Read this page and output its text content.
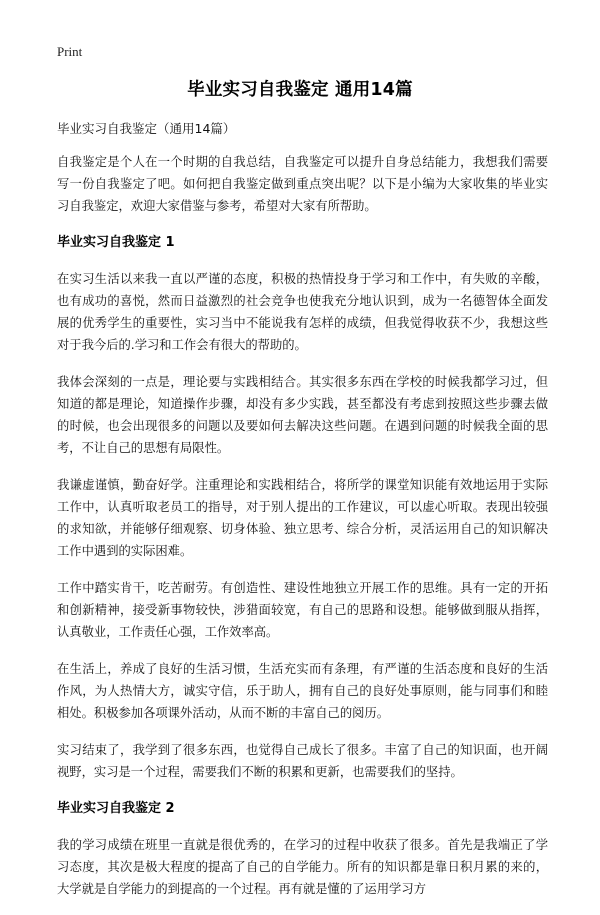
Print
毕业实习自我鉴定 通用14篇

毕业实习自我鉴定（通用14篇）

自我鉴定是个人在一个时期的自我总结，自我鉴定可以提升自身总结能力，我想我们需要写一份自我鉴定了吧。如何把自我鉴定做到重点突出呢？以下是小编为大家收集的毕业实习自我鉴定，欢迎大家借鉴与参考，希望对大家有所帮助。

毕业实习自我鉴定 1

在实习生活以来我一直以严谨的态度，积极的热情投身于学习和工作中，有失败的辛酸，也有成功的喜悦，然而日益激烈的社会竞争也使我充分地认识到，成为一名德智体全面发展的优秀学生的重要性，实习当中不能说我有怎样的成绩，但我觉得收获不少，我想这些对于我今后的.学习和工作会有很大的帮助的。

我体会深刻的一点是，理论要与实践相结合。其实很多东西在学校的时候我都学习过，但知道的都是理论，知道操作步骤，却没有多少实践，甚至都没有考虑到按照这些步骤去做的时候，也会出现很多的问题以及要如何去解决这些问题。在遇到问题的时候我全面的思考，不让自己的思想有局限性。

我谦虚谨慎，勤奋好学。注重理论和实践相结合，将所学的课堂知识能有效地运用于实际工作中，认真听取老员工的指导，对于别人提出的工作建议，可以虚心听取。表现出较强的求知欲，并能够仔细观察、切身体验、独立思考、综合分析，灵活运用自己的知识解决工作中遇到的实际困难。

工作中踏实肯干，吃苦耐劳。有创造性、建设性地独立开展工作的思维。具有一定的开拓和创新精神，接受新事物较快，涉猎面较宽，有自己的思路和设想。能够做到服从指挥，认真敬业，工作责任心强，工作效率高。

在生活上，养成了良好的生活习惯，生活充实而有条理，有严谨的生活态度和良好的生活作风，为人热情大方，诚实守信，乐于助人，拥有自己的良好处事原则，能与同事们和睦相处。积极参加各项课外活动，从而不断的丰富自己的阅历。

实习结束了，我学到了很多东西，也觉得自己成长了很多。丰富了自己的知识面，也开阔视野，实习是一个过程，需要我们不断的积累和更新，也需要我们的坚持。

毕业实习自我鉴定 2

我的学习成绩在班里一直就是很优秀的，在学习的过程中收获了很多。首先是我端正了学习态度，其次是极大程度的提高了自己的自学能力。所有的知识都是靠日积月累的来的，大学就是自学能力的到提高的一个过程。再有就是懂的了运用学习方
